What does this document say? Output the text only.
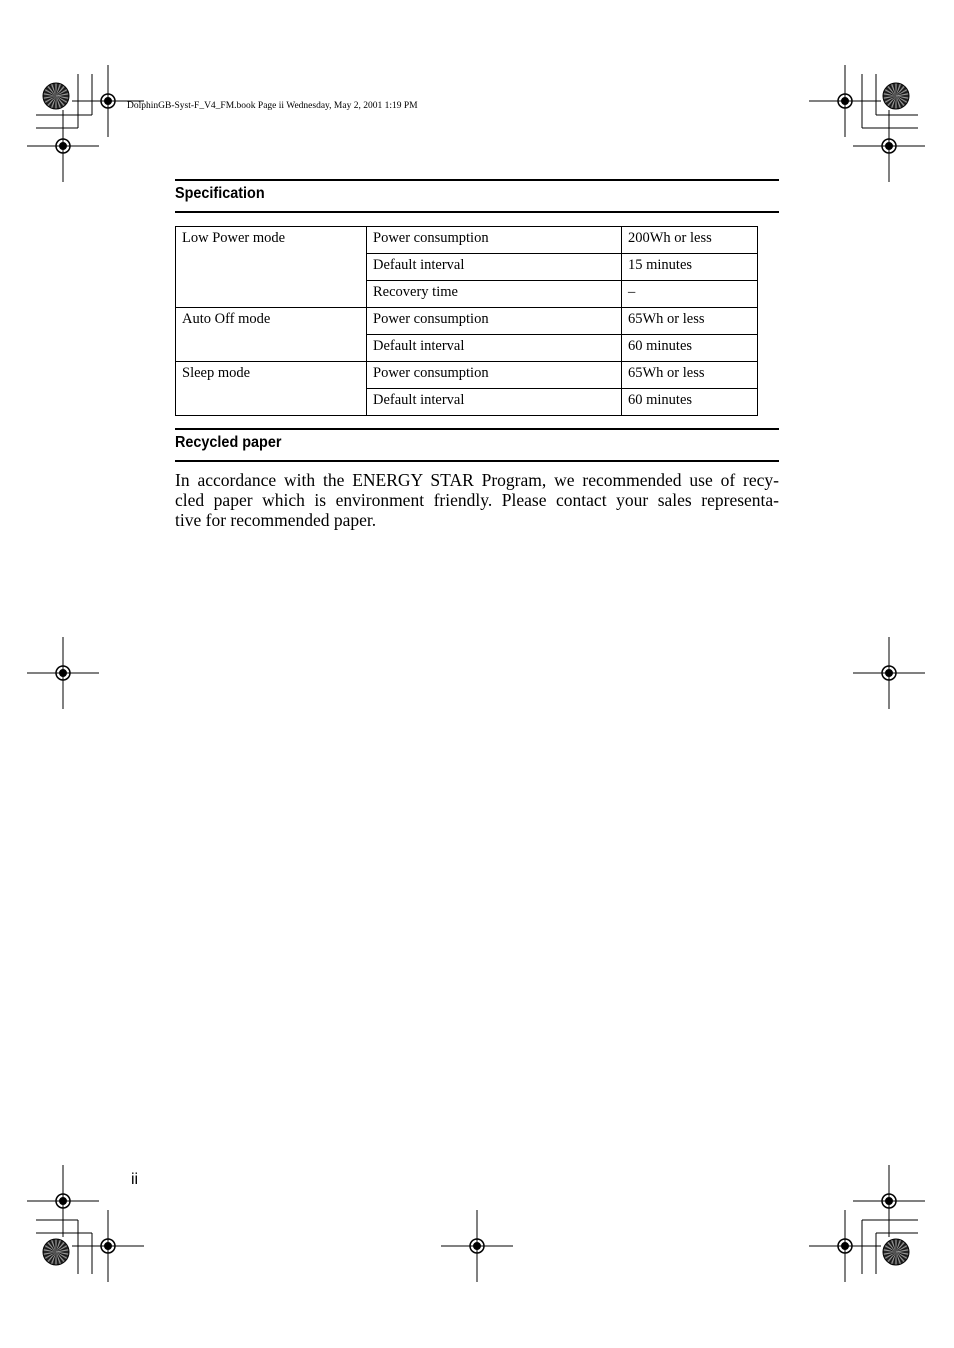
DolphinGB-Syst-F_V4_FM.book Page ii Wednesday, May 2, 2001 1:19 PM
Specification
Low Power mode	Power consumption	200Wh or less
	Default interval	15 minutes
	Recovery time	–
Auto Off mode	Power consumption	65Wh or less
	Default interval	60 minutes
Sleep mode	Power consumption	65Wh or less
	Default interval	60 minutes
Recycled paper
In accordance with the ENERGY STAR Program, we recommended use of recy-
cled paper which is environment friendly. Please contact your sales representa-
tive for recommended paper.
ii
